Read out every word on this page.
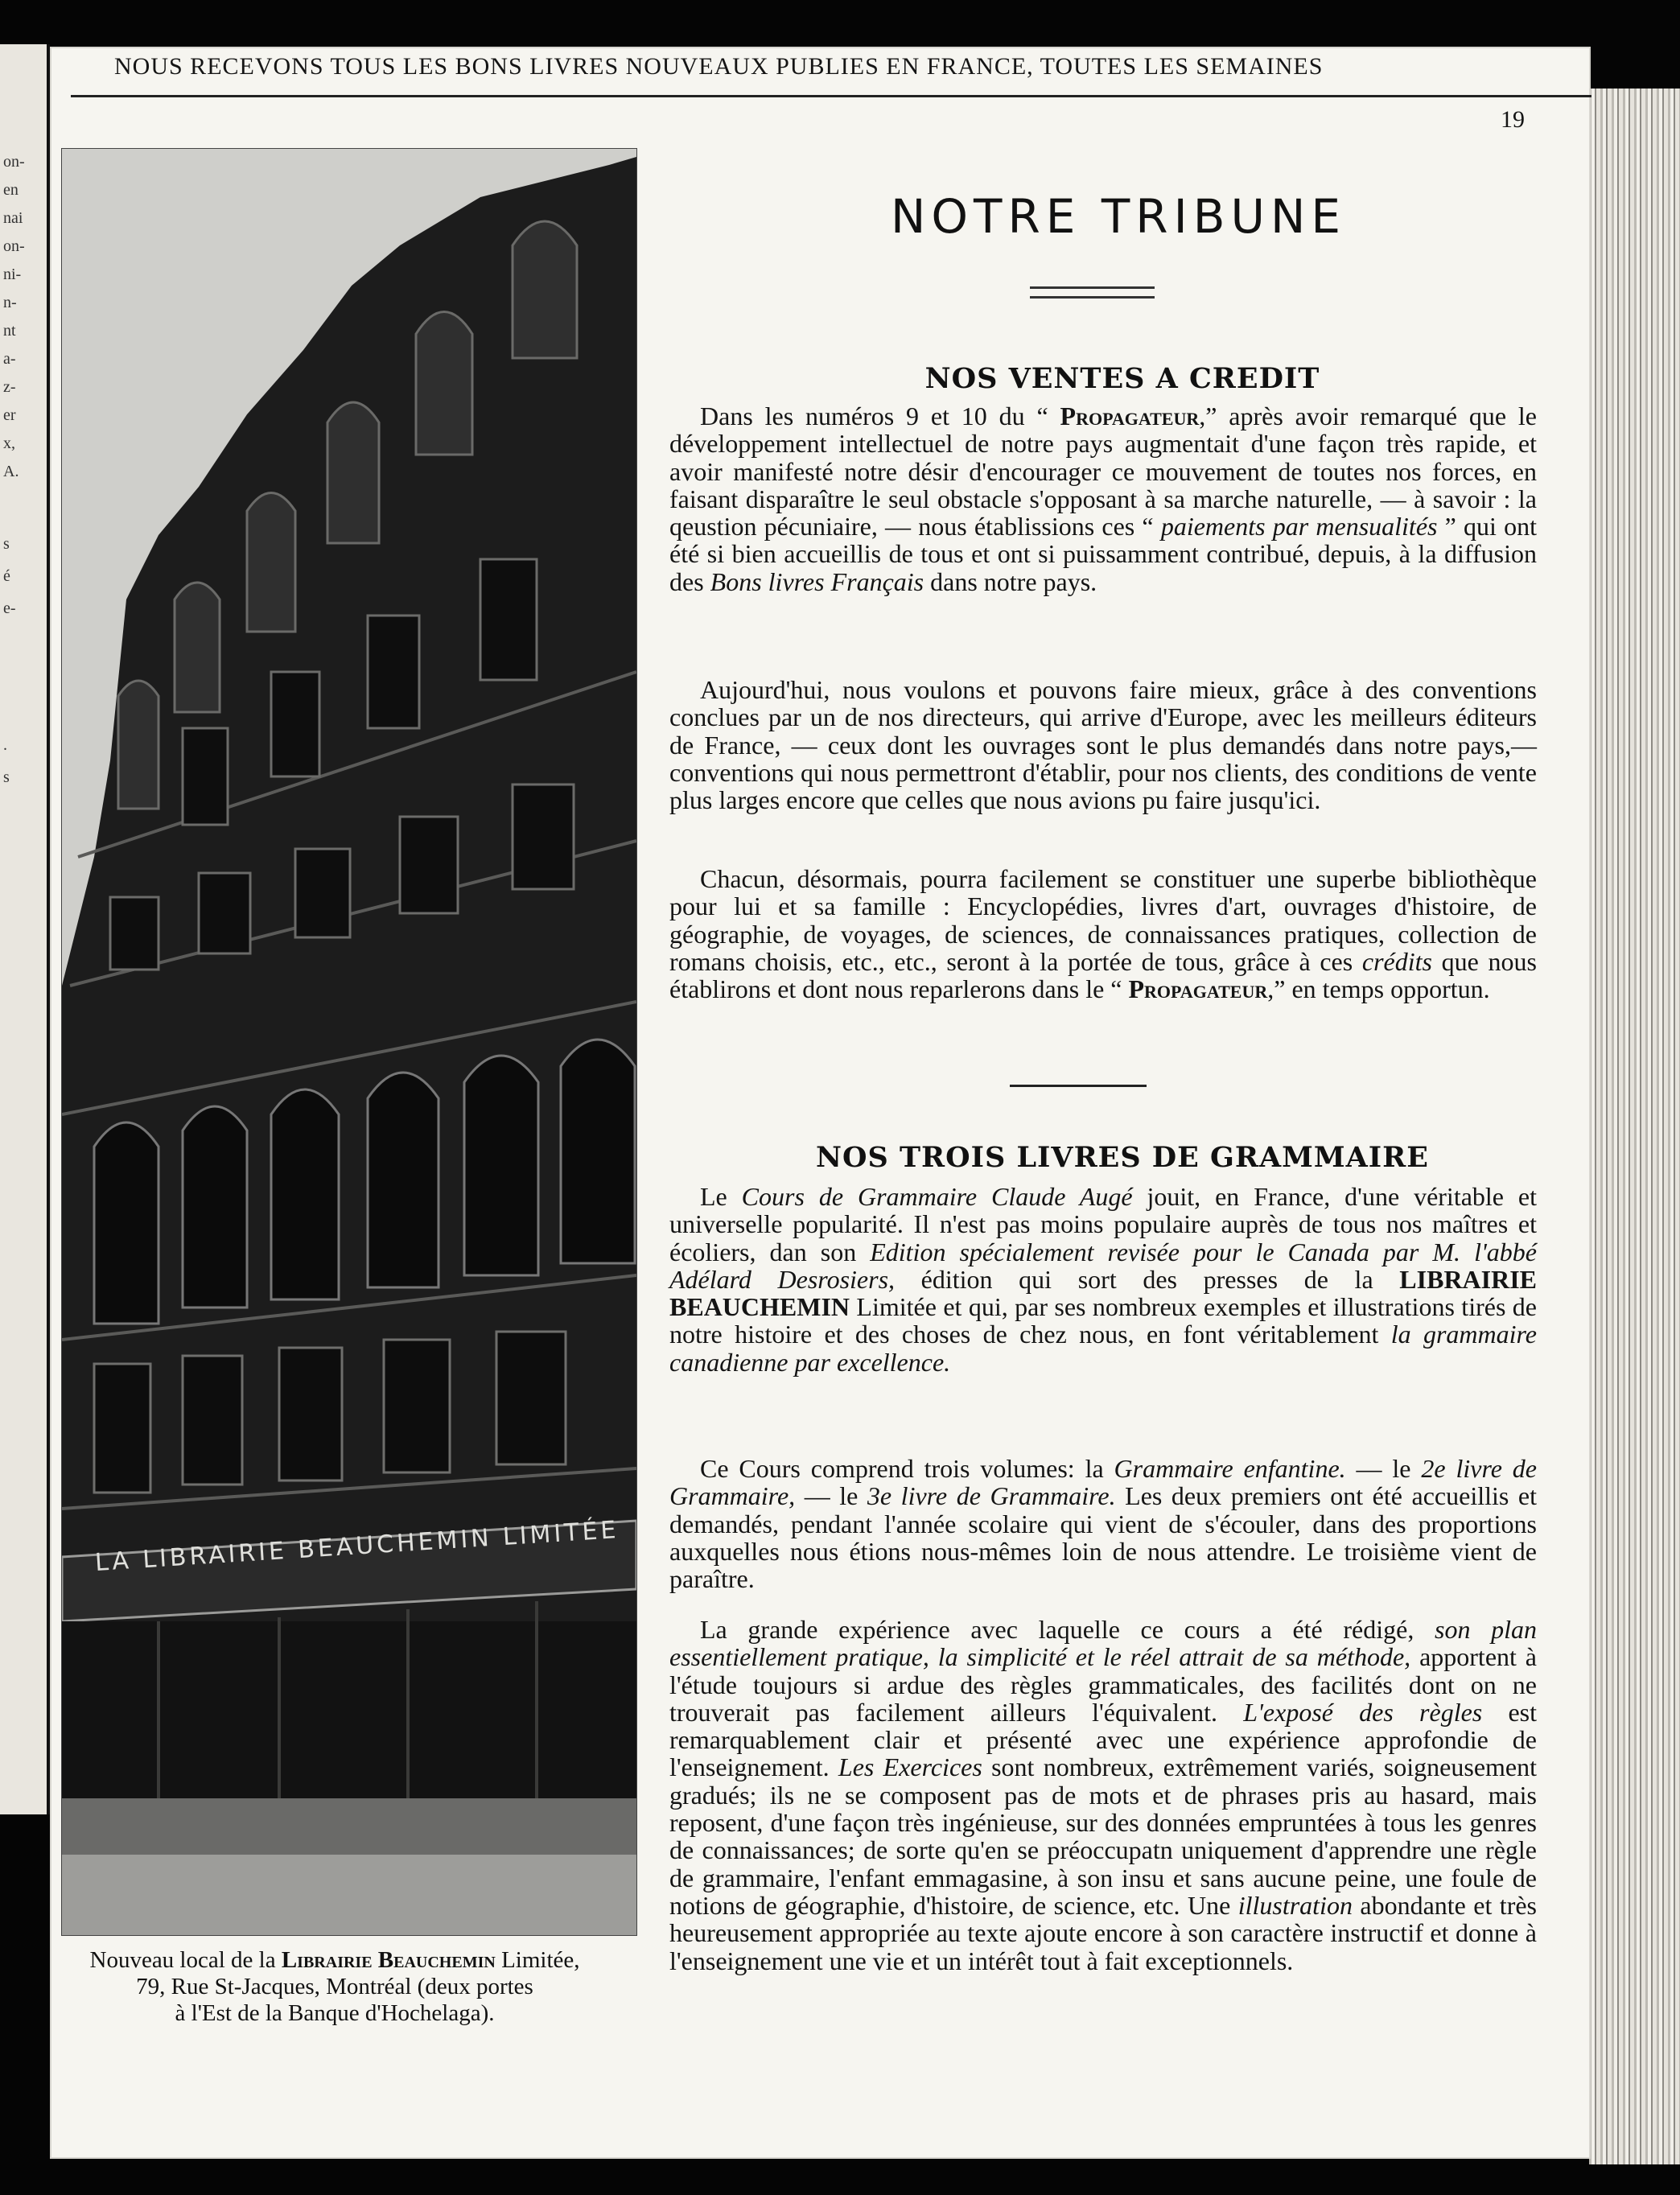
on-
en
nai
on-
ni-
n-
nt
a-
z-
er
x,
A.
s
é
e-
.
s
NOUS RECEVONS TOUS LES BONS LIVRES NOUVEAUX PUBLIES EN FRANCE, TOUTES LES SEMAINES
19
LA LIBRAIRIE BEAUCHEMIN LIMITÉE
Nouveau local de la Librairie Beauchemin Limitée,
79, Rue St-Jacques, Montréal (deux portes
à l'Est de la Banque d'Hochelaga).
NOTRE TRIBUNE
NOS VENTES A CREDIT

Dans les numéros 9 et 10 du “ Propagateur,” après avoir remarqué que le développement intellectuel de notre pays augmentait d'une façon très rapide, et avoir manifesté notre désir d'encourager ce mouvement de toutes nos forces, en faisant disparaître le seul obstacle s'opposant à sa marche naturelle, — à savoir : la qeustion pécuniaire, — nous établissions ces “ paiements par mensualités ” qui ont été si bien accueillis de tous et ont si puissamment contribué, depuis, à la diffusion des Bons livres Français dans notre pays.

Aujourd'hui, nous voulons et pouvons faire mieux, grâce à des conventions conclues par un de nos directeurs, qui arrive d'Europe, avec les meilleurs éditeurs de France, — ceux dont les ouvrages sont le plus demandés dans notre pays,—conventions qui nous permettront d'établir, pour nos clients, des conditions de vente plus larges encore que celles que nous avions pu faire jusqu'ici.

Chacun, désormais, pourra facilement se constituer une superbe bibliothèque pour lui et sa famille : Encyclopédies, livres d'art, ouvrages d'histoire, de géographie, de voyages, de sciences, de connaissances pratiques, collection de romans choisis, etc., etc., seront à la portée de tous, grâce à ces crédits que nous établirons et dont nous reparlerons dans le “ Propagateur,” en temps opportun.

NOS TROIS LIVRES DE GRAMMAIRE

Le Cours de Grammaire Claude Augé jouit, en France, d'une véritable et universelle popularité. Il n'est pas moins populaire auprès de tous nos maîtres et écoliers, dan son Edition spécialement revisée pour le Canada par M. l'abbé Adélard Desrosiers, édition qui sort des presses de la LIBRAIRIE BEAUCHEMIN Limitée et qui, par ses nombreux exemples et illustrations tirés de notre histoire et des choses de chez nous, en font véritablement la grammaire canadienne par excellence.

Ce Cours comprend trois volumes: la Grammaire enfantine. — le 2e livre de Grammaire, — le 3e livre de Grammaire. Les deux premiers ont été accueillis et demandés, pendant l'année scolaire qui vient de s'écouler, dans des proportions auxquelles nous étions nous-mêmes loin de nous attendre. Le troisième vient de paraître.

La grande expérience avec laquelle ce cours a été rédigé, son plan essentiellement pratique, la simplicité et le réel attrait de sa méthode, apportent à l'étude toujours si ardue des règles grammaticales, des facilités dont on ne trouverait pas facilement ailleurs l'équivalent. L'exposé des règles est remarquablement clair et présenté avec une expérience approfondie de l'enseignement. Les Exercices sont nombreux, extrêmement variés, soigneusement gradués; ils ne se composent pas de mots et de phrases pris au hasard, mais reposent, d'une façon très ingénieuse, sur des données empruntées à tous les genres de connaissances; de sorte qu'en se préoccupatn uniquement d'apprendre une règle de grammaire, l'enfant emmagasine, à son insu et sans aucune peine, une foule de notions de géographie, d'histoire, de science, etc. Une illustration abondante et très heureusement appropriée au texte ajoute encore à son caractère instructif et donne à l'enseignement une vie et un intérêt tout à fait exceptionnels.
